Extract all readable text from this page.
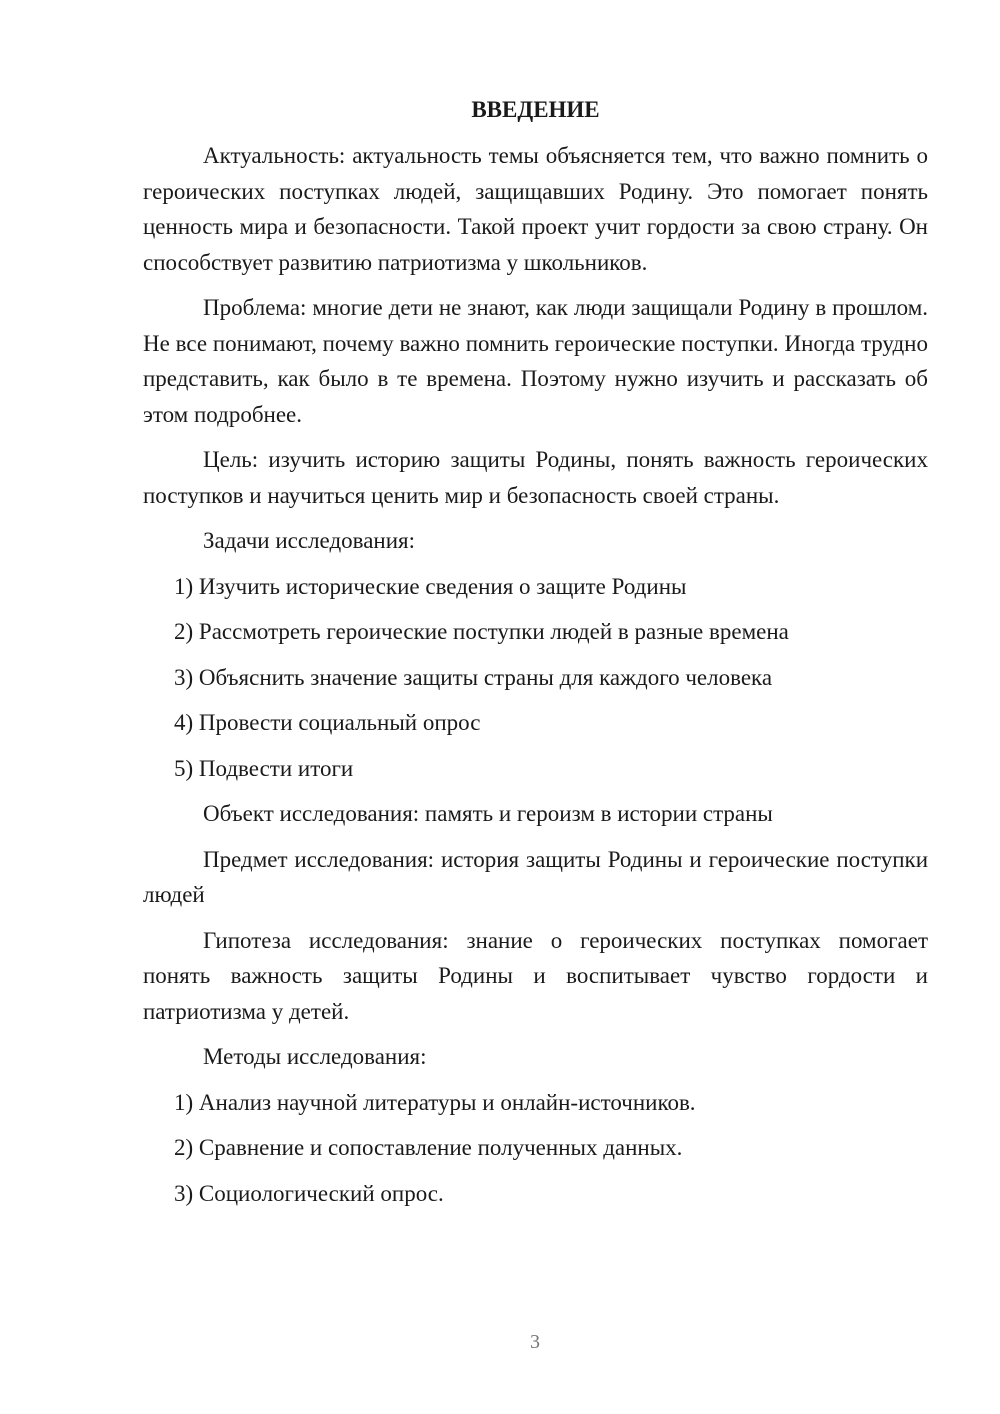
ВВЕДЕНИЕ

Актуальность: актуальность темы объясняется тем, что важно помнить о героических поступках людей, защищавших Родину. Это помогает понять ценность мира и безопасности. Такой проект учит гордости за свою страну. Он способствует развитию патриотизма у школьников.

Проблема: многие дети не знают, как люди защищали Родину в прошлом. Не все понимают, почему важно помнить героические поступки. Иногда трудно представить, как было в те времена. Поэтому нужно изучить и рассказать об этом подробнее.

Цель: изучить историю защиты Родины, понять важность героических поступков и научиться ценить мир и безопасность своей страны.

Задачи исследования:

1) Изучить исторические сведения о защите Родины
2) Рассмотреть героические поступки людей в разные времена
3) Объяснить значение защиты страны для каждого человека
4) Провести социальный опрос
5) Подвести итоги

Объект исследования: память и героизм в истории страны

Предмет исследования: история защиты Родины и героические поступки людей

Гипотеза исследования: знание о героических поступках помогает понять важность защиты Родины и воспитывает чувство гордости и патриотизма у детей.

Методы исследования:

1) Анализ научной литературы и онлайн-источников.
2) Сравнение и сопоставление полученных данных.
3) Социологический опрос.
3
